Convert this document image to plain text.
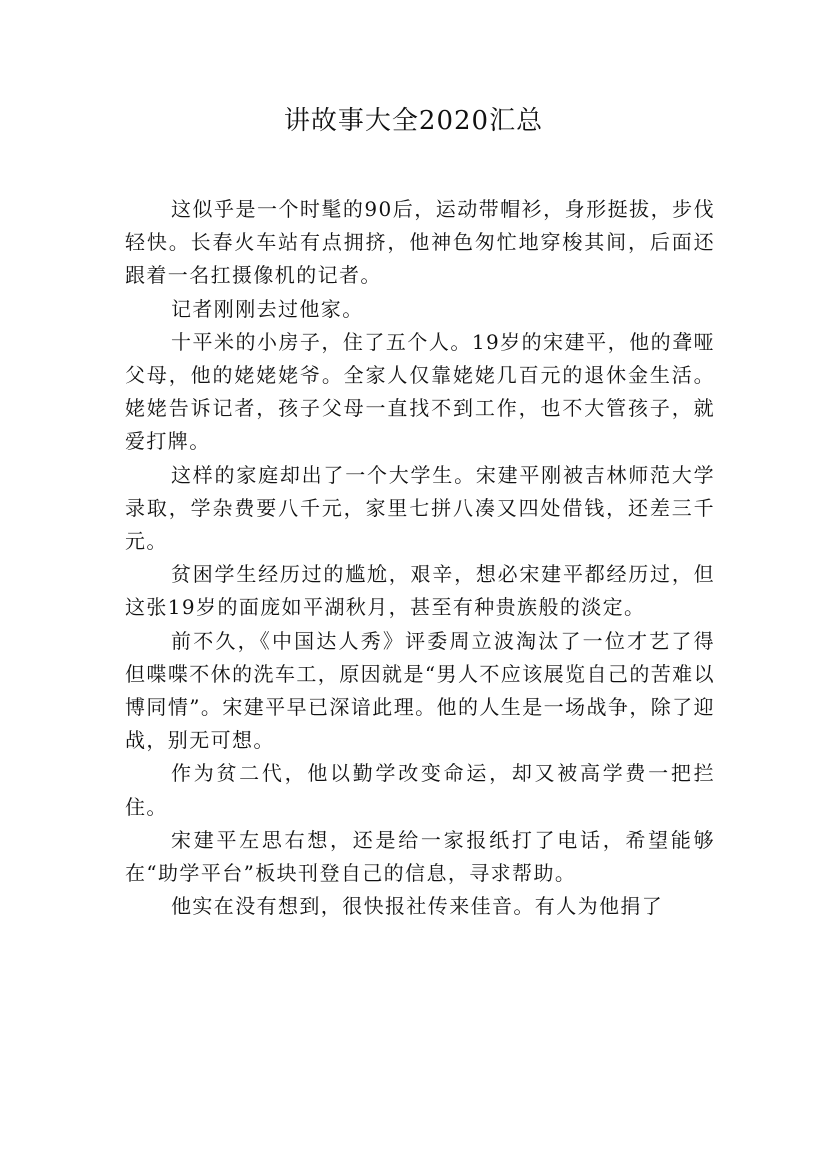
讲故事大全2020汇总

这似乎是一个时髦的90后，运动带帽衫，身形挺拔，步伐轻快。长春火车站有点拥挤，他神色匆忙地穿梭其间，后面还跟着一名扛摄像机的记者。

记者刚刚去过他家。

十平米的小房子，住了五个人。19岁的宋建平，他的聋哑父母，他的姥姥姥爷。全家人仅靠姥姥几百元的退休金生活。姥姥告诉记者，孩子父母一直找不到工作，也不大管孩子，就爱打牌。

这样的家庭却出了一个大学生。宋建平刚被吉林师范大学录取，学杂费要八千元，家里七拼八凑又四处借钱，还差三千元。

贫困学生经历过的尴尬，艰辛，想必宋建平都经历过，但这张19岁的面庞如平湖秋月，甚至有种贵族般的淡定。

前不久，《中国达人秀》评委周立波淘汰了一位才艺了得但喋喋不休的洗车工，原因就是“男人不应该展览自己的苦难以博同情”。宋建平早已深谙此理。他的人生是一场战争，除了迎战，别无可想。

作为贫二代，他以勤学改变命运，却又被高学费一把拦住。

宋建平左思右想，还是给一家报纸打了电话，希望能够在“助学平台”板块刊登自己的信息，寻求帮助。

他实在没有想到，很快报社传来佳音。有人为他捐了
